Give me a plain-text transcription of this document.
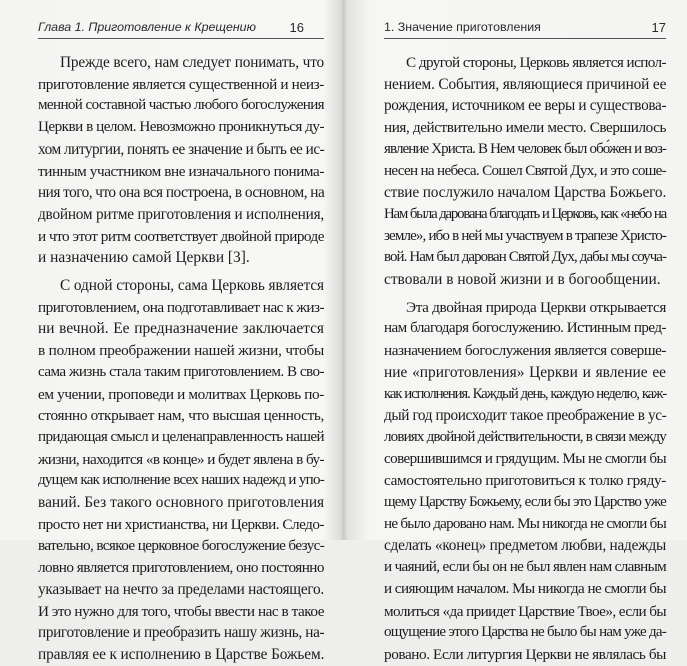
Глава 1. Приготовление к Крещению	16
Прежде всего, нам следует понимать, что
приготовление является существенной и неиз-
менной составной частью любого богослужения
Церкви в целом. Невозможно проникнуться ду-
хом литургии, понять ее значение и быть ее ис-
тинным участником вне изначального понима-
ния того, что она вся построена, в основном, на
двойном ритме приготовления и исполнения,
и что этот ритм соответствует двойной природе
и назначению самой Церкви [3].
С одной стороны, сама Церковь является
приготовлением, она подготавливает нас к жиз-
ни вечной. Ее предназначение заключается
в полном преображении нашей жизни, чтобы
сама жизнь стала таким приготовлением. В сво-
ем учении, проповеди и молитвах Церковь по-
стоянно открывает нам, что высшая ценность,
придающая смысл и целенаправленность нашей
жизни, находится «в конце» и будет явлена в бу-
дущем как исполнение всех наших надежд и упо-
ваний. Без такого основного приготовления
просто нет ни христианства, ни Церкви. Следо-
вательно, всякое церковное богослужение безус-
ловно является приготовлением, оно постоянно
указывает на нечто за пределами настоящего.
И это нужно для того, чтобы ввести нас в такое
приготовление и преобразить нашу жизнь, на-
правляя ее к исполнению в Царстве Божьем.
1. Значение приготовления	17
С другой стороны, Церковь является испол-
нением. События, являющиеся причиной ее
рождения, источником ее веры и существова-
ния, действительно имели место. Свершилось
явление Христа. В Нем человек был обо́жен и воз-
несен на небеса. Сошел Святой Дух, и это соше-
ствие послужило началом Царства Божьего.
Нам была дарована благодать и Церковь, как «небо на
земле», ибо в ней мы участвуем в трапезе Христо-
вой. Нам был дарован Святой Дух, дабы мы соуча-
ствовали в новой жизни и в богообщении.
Эта двойная природа Церкви открывается
нам благодаря богослужению. Истинным пред-
назначением богослужения является соверше-
ние «приготовления» Церкви и явление ее
как исполнения. Каждый день, каждую неделю, каж-
дый год происходит такое преображение в ус-
ловиях двойной действительности, в связи между
совершившимся и грядущим. Мы не смогли бы
самостоятельно приготовиться к толко гряду-
щему Царству Божьему, если бы это Царство уже
не было даровано нам. Мы никогда не смогли бы
сделать «конец» предметом любви, надежды
и чаяний, если бы он не был явлен нам славным
и сияющим началом. Мы никогда не смогли бы
молиться «да приидет Царствие Твое», если бы
ощущение этого Царства не было бы нам уже да-
ровано. Если литургия Церкви не являлась бы
